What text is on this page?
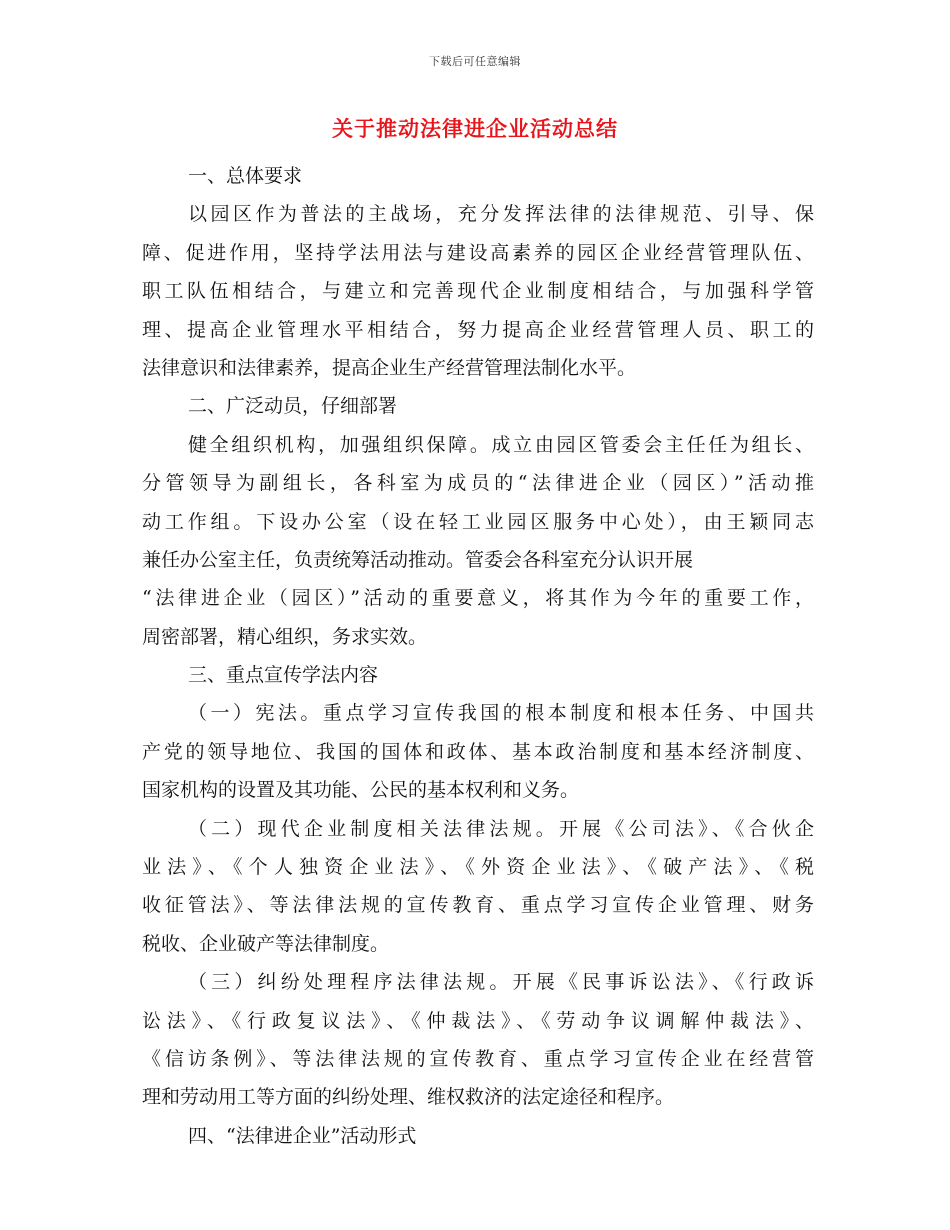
下载后可任意编辑
关于推动法律进企业活动总结
一、总体要求
以园区作为普法的主战场，充分发挥法律的法律规范、引导、保
障、促进作用，坚持学法用法与建设高素养的园区企业经营管理队伍、
职工队伍相结合，与建立和完善现代企业制度相结合，与加强科学管
理、提高企业管理水平相结合，努力提高企业经营管理人员、职工的
法律意识和法律素养，提高企业生产经营管理法制化水平。
二、广泛动员，仔细部署
健全组织机构，加强组织保障。成立由园区管委会主任任为组长、
分管领导为副组长，各科室为成员的“法律进企业（园区）”活动推
动工作组。下设办公室（设在轻工业园区服务中心处），由王颖同志
兼任办公室主任，负责统筹活动推动。管委会各科室充分认识开展
“法律进企业（园区）”活动的重要意义，将其作为今年的重要工作，
周密部署，精心组织，务求实效。
三、重点宣传学法内容
（一）宪法。重点学习宣传我国的根本制度和根本任务、中国共
产党的领导地位、我国的国体和政体、基本政治制度和基本经济制度、
国家机构的设置及其功能、公民的基本权利和义务。
（二）现代企业制度相关法律法规。开展《公司法》、《合伙企
业法》、《个人独资企业法》、《外资企业法》、《破产法》、《税
收征管法》、等法律法规的宣传教育、重点学习宣传企业管理、财务
税收、企业破产等法律制度。
（三）纠纷处理程序法律法规。开展《民事诉讼法》、《行政诉
讼法》、《行政复议法》、《仲裁法》、《劳动争议调解仲裁法》、
《信访条例》、等法律法规的宣传教育、重点学习宣传企业在经营管
理和劳动用工等方面的纠纷处理、维权救济的法定途径和程序。
四、“法律进企业”活动形式
